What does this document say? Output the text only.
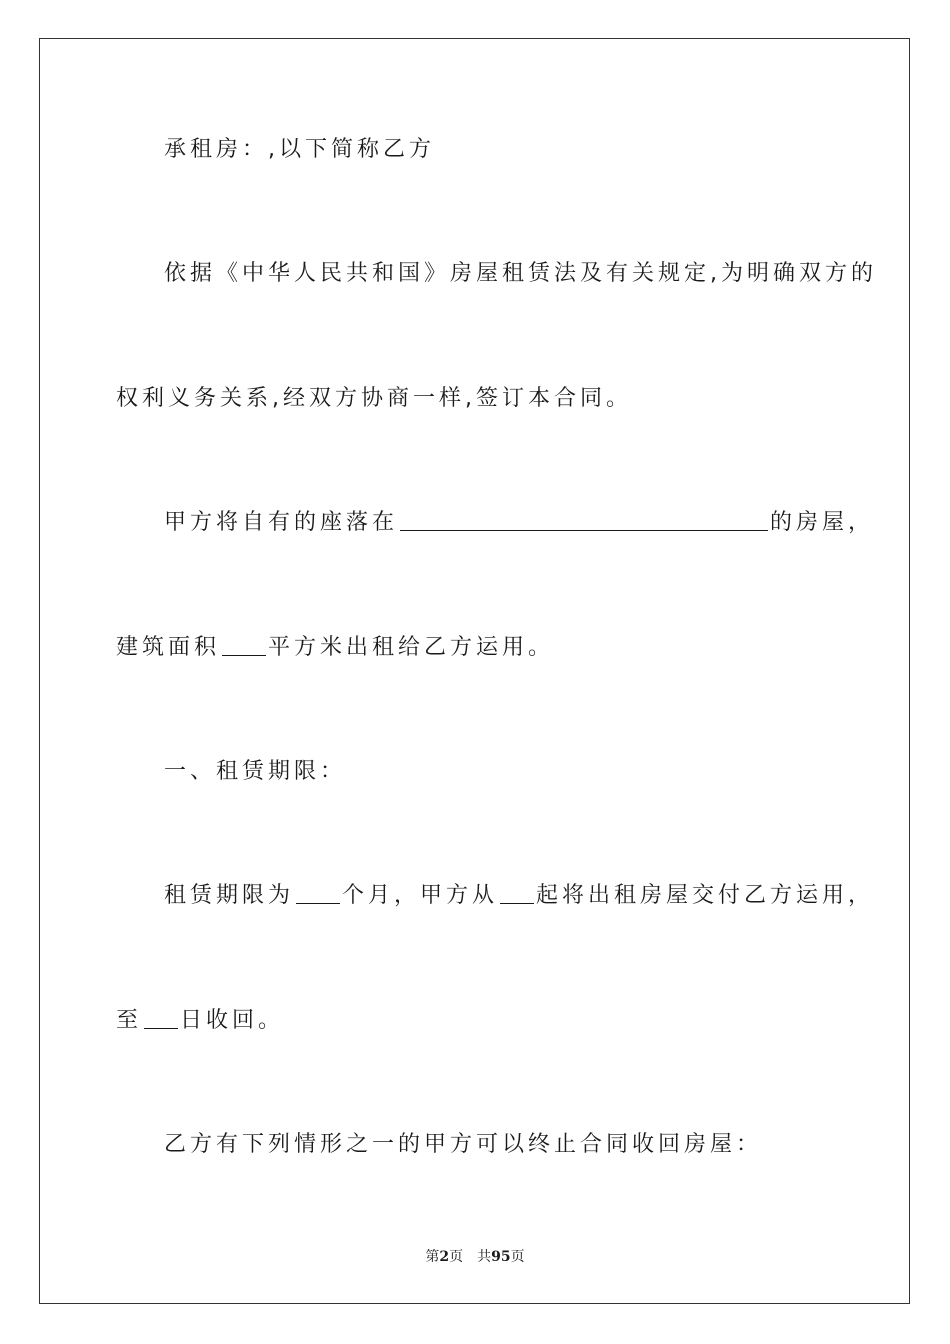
承租房：,以下简称乙方
依据《中华人民共和国》房屋租赁法及有关规定,为明确双方的
权利义务关系,经双方协商一样,签订本合同。
甲方将自有的座落在	的房屋，
建筑面积 平方米出租给乙方运用。
一、租赁期限：
租赁期限为 个月，甲方从 起将出租房屋交付乙方运用，
至 日收回。
乙方有下列情形之一的甲方可以终止合同收回房屋：
第2页 共95页
